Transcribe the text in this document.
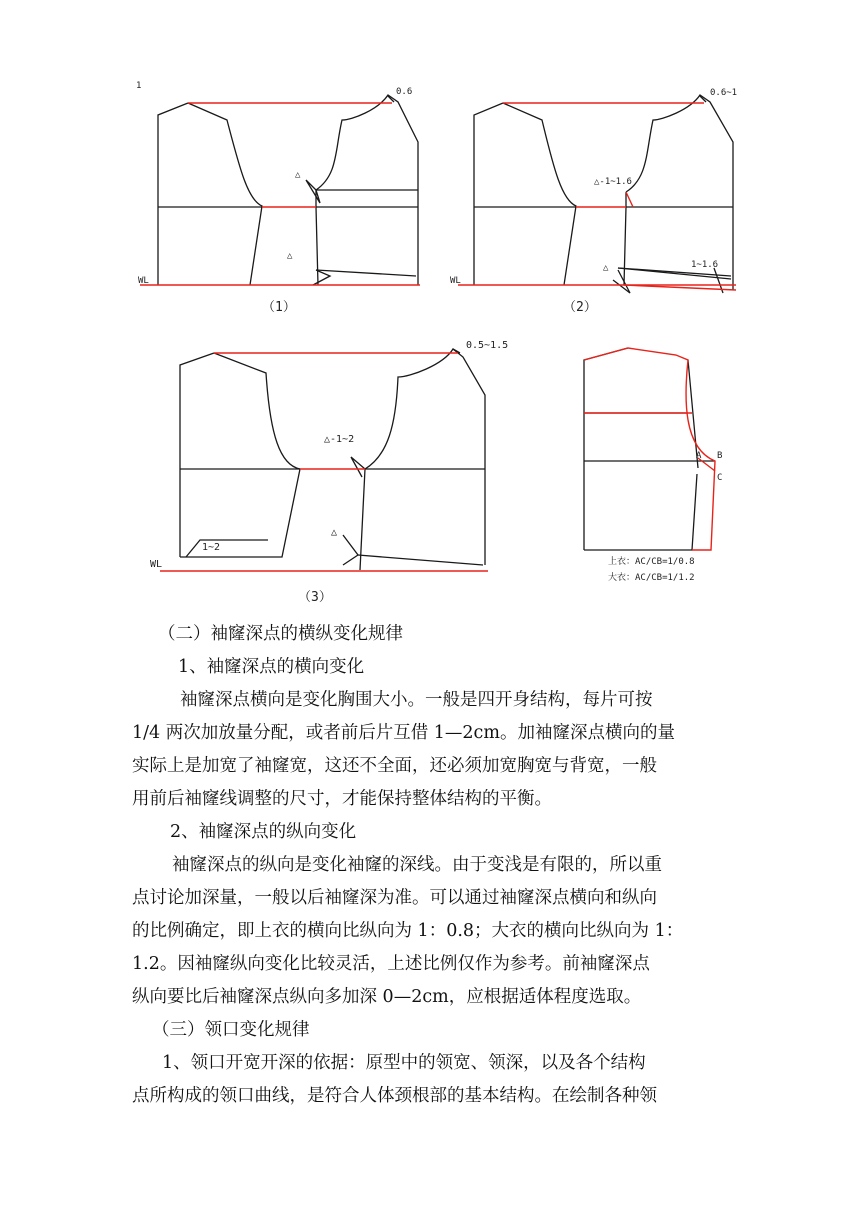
1
0.6
△
△
WL
（1）
0.6~1
△-1~1.6
1~1.6
△
WL
（2）
0.5~1.5
△-1~2
1~2
△
WL
（3）
A B
C
上衣：AC/CB=1/0.8
大衣：AC/CB=1/1.2
（二）袖窿深点的横纵变化规律
1、袖窿深点的横向变化
袖窿深点横向是变化胸围大小。一般是四开身结构，每片可按
1/4 两次加放量分配，或者前后片互借 1—2cm。加袖窿深点横向的量
实际上是加宽了袖窿宽，这还不全面，还必须加宽胸宽与背宽，一般
用前后袖窿线调整的尺寸，才能保持整体结构的平衡。
2、袖窿深点的纵向变化
袖窿深点的纵向是变化袖窿的深线。由于变浅是有限的，所以重
点讨论加深量，一般以后袖窿深为准。可以通过袖窿深点横向和纵向
的比例确定，即上衣的横向比纵向为 1：0.8；大衣的横向比纵向为 1：
1.2。因袖窿纵向变化比较灵活，上述比例仅作为参考。前袖窿深点
纵向要比后袖窿深点纵向多加深 0—2cm，应根据适体程度选取。
（三）领口变化规律
1、领口开宽开深的依据：原型中的领宽、领深，以及各个结构
点所构成的领口曲线，是符合人体颈根部的基本结构。在绘制各种领
